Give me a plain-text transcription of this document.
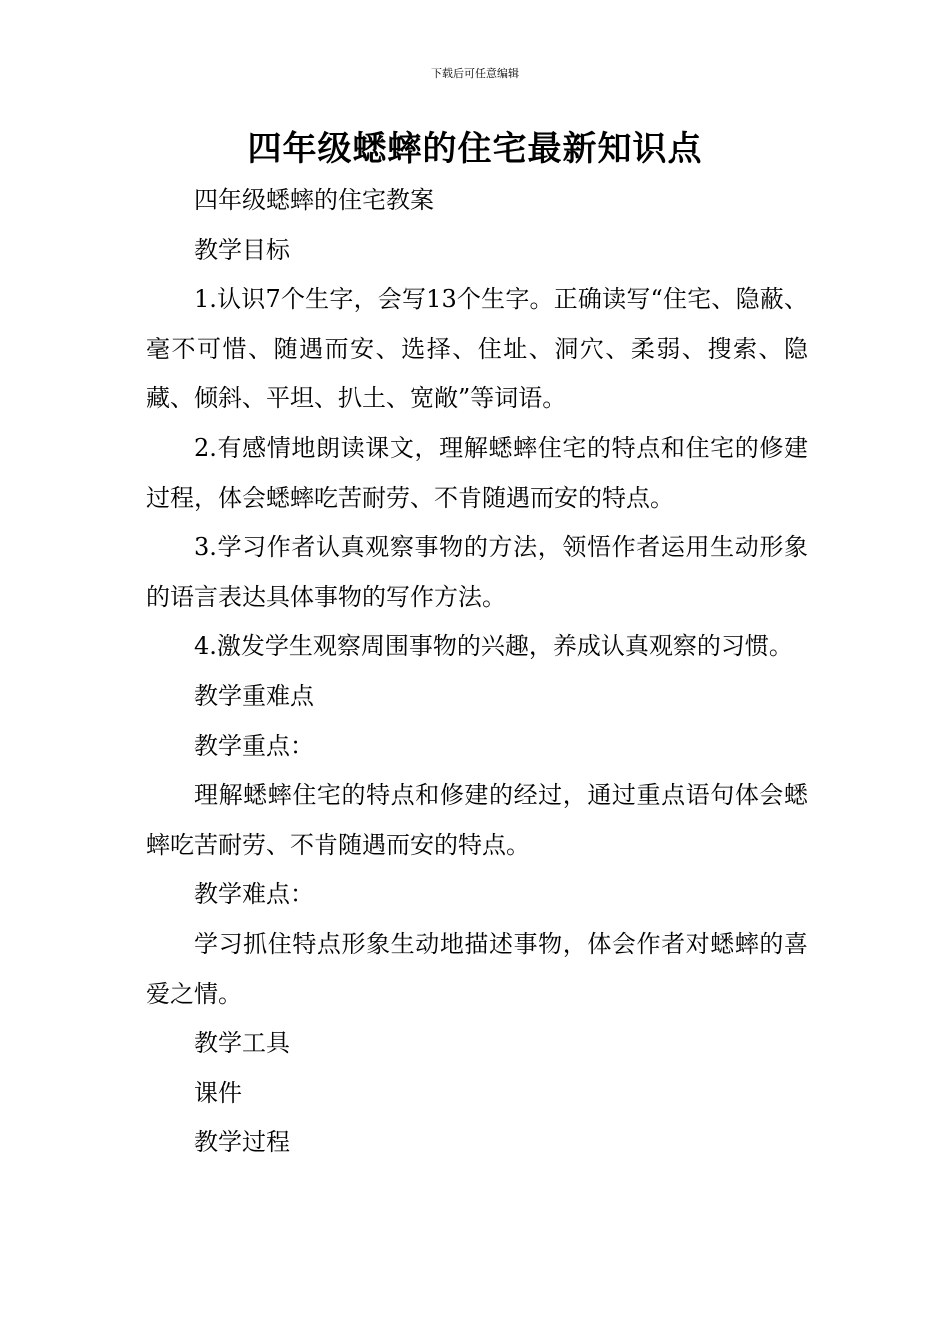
下载后可任意编辑
四年级蟋蟀的住宅最新知识点

四年级蟋蟀的住宅教案

教学目标

1.认识7个生字，会写13个生字。正确读写“住宅、隐蔽、毫不可惜、随遇而安、选择、住址、洞穴、柔弱、搜索、隐藏、倾斜、平坦、扒土、宽敞”等词语。

2.有感情地朗读课文，理解蟋蟀住宅的特点和住宅的修建过程，体会蟋蟀吃苦耐劳、不肯随遇而安的特点。

3.学习作者认真观察事物的方法，领悟作者运用生动形象的语言表达具体事物的写作方法。

4.激发学生观察周围事物的兴趣，养成认真观察的习惯。

教学重难点

教学重点：

理解蟋蟀住宅的特点和修建的经过，通过重点语句体会蟋蟀吃苦耐劳、不肯随遇而安的特点。

教学难点：

学习抓住特点形象生动地描述事物，体会作者对蟋蟀的喜爱之情。

教学工具

课件

教学过程
